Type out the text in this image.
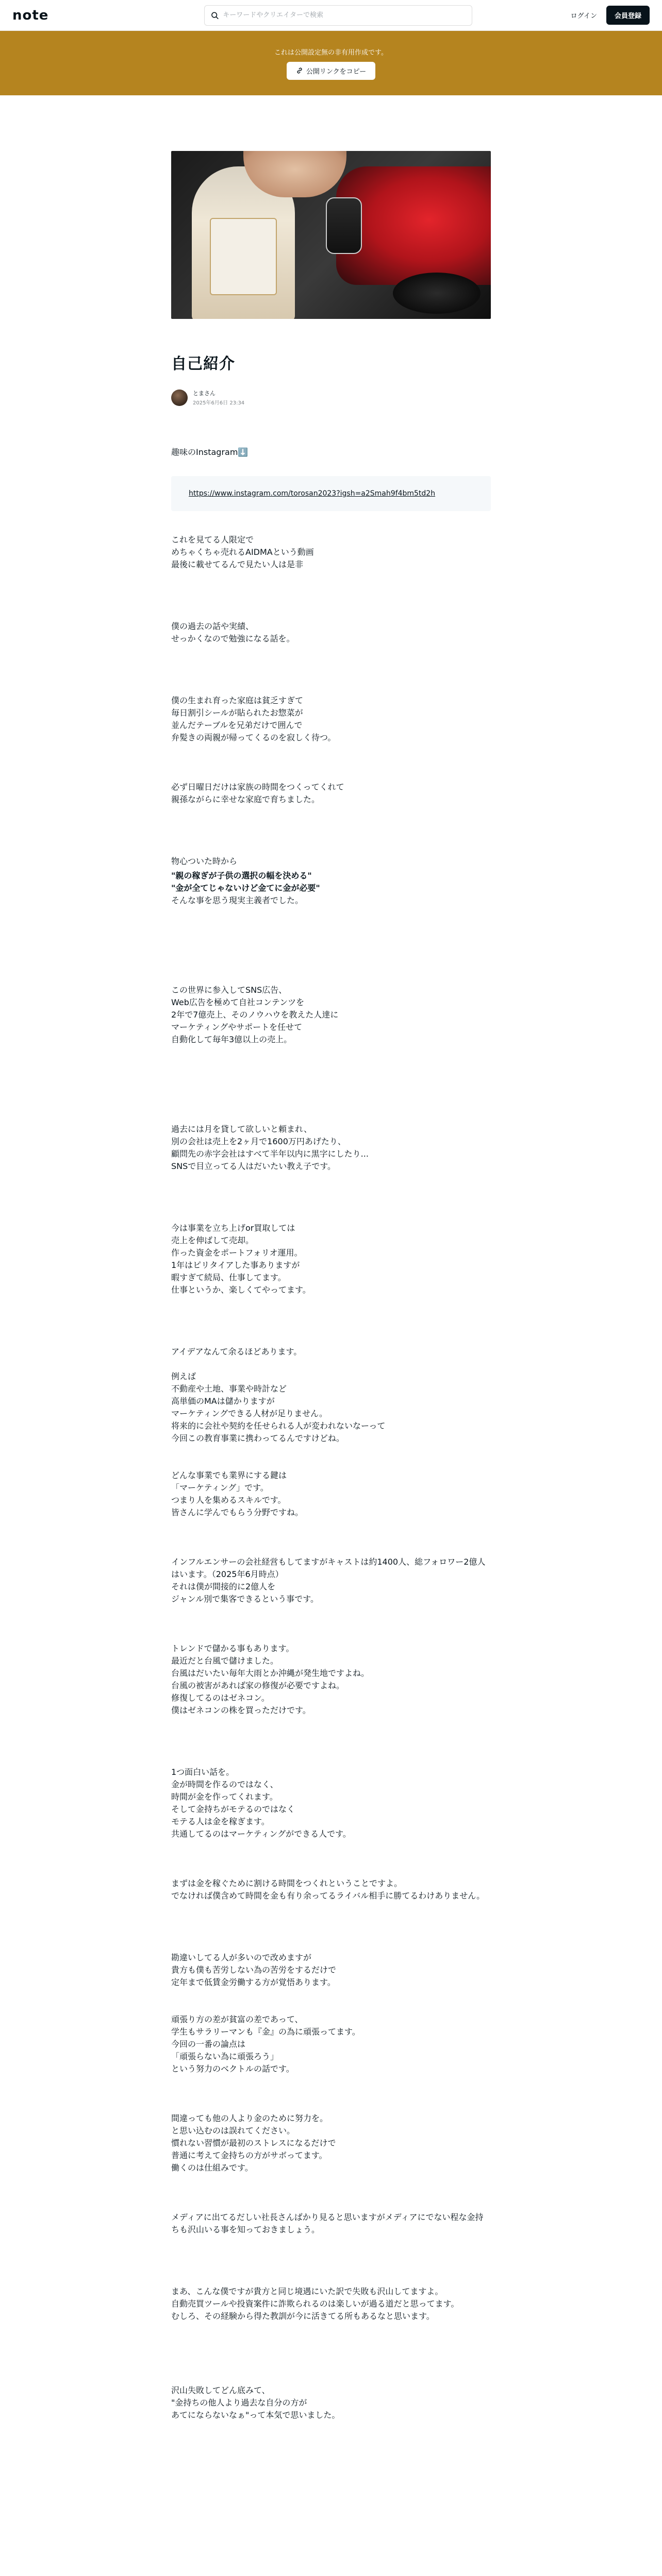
note
キーワードやクリエイターで検索	ログイン	会員登録
これは公開設定無の非有用作成です。
公開リンクをコピー
自己紹介
とまさん
2025年6月6日 23:34

趣味のInstagram⬇️

https://www.instagram.com/torosan2023?igsh=a2Smah9f4bm5td2h

これを見てる人限定で
めちゃくちゃ売れるAIDMAという動画
最後に載せてるんで見たい人は是非

僕の過去の話や実績、
せっかくなので勉強になる話を。

僕の生まれ育った家庭は貧乏すぎて
毎日割引シールが貼られたお惣菜が
並んだテーブルを兄弟だけで囲んで
弁髪きの両親が帰ってくるのを寂しく待つ。

必ず日曜日だけは家族の時間をつくってくれて
親孫ながらに幸せな家庭で育ちました。

物心ついた時から

"親の稼ぎが子供の選択の幅を決める"
"金が全てじゃないけど金てに金が必要"

そんな事を思う現実主義者でした。

この世界に参入してSNS広告、
Web広告を極めて自社コンテンツを
2年で7億売上、そのノウハウを教えた人達に
マーケティングやサポートを任せて
自動化して毎年3億以上の売上。

過去には月を貸して欲しいと頼まれ、
別の会社は売上を2ヶ月で1600万円あげたり、
顧問先の赤字会社はすべて半年以内に黒字にしたり...
SNSで目立ってる人はだいたい教え子です。

今は事業を立ち上げor買取しては
売上を伸ばして売却。
作った資金をポートフォリオ運用。
1年はピリタイアした事ありますが
暇すぎて続局、仕事してます。
仕事というか、楽しくてやってます。

アイデアなんて余るほどあります。

例えば
不動産や土地、事業や時計など
高単価のMAは儲かりますが
マーケティングできる人材が足りません。
将来的に会社や契約を任せられる人が変われないなーって
今回この教育事業に携わってるんですけどね。

どんな事業でも業界にする鍵は
「マーケティング」です。
つまり人を集めるスキルです。
皆さんに学んでもらう分野ですね。

インフルエンサーの会社経営もしてますがキャストは約1400人、総フォロワー2億人はいます。（2025年6月時点）
それは僕が間接的に2億人を
ジャンル別で集客できるという事です。

トレンドで儲かる事もあります。
最近だと台風で儲けました。
台風はだいたい毎年大雨とか沖縄が発生地ですよね。
台風の被害があれば家の修復が必要ですよね。
修復してるのはゼネコン。
僕はゼネコンの株を買っただけです。

1つ面白い話を。
金が時間を作るのではなく、
時間が金を作ってくれます。
そして金持ちがモテるのではなく
モテる人は金を稼ぎます。
共通してるのはマーケティングができる人です。

まずは金を稼ぐために割ける時間をつくれということですよ。
でなければ僕含めて時間を金も有り余ってるライバル相手に勝てるわけありません。

勘違いしてる人が多いので改めますが
貴方も僕も苦労しない為の苦労をするだけで
定年まで低賃金労働する方が覚悟あります。

頑張り方の差が貧富の差であって、
学生もサラリーマンも『金』の為に頑張ってます。
今回の一番の論点は
「頑張らない為に頑張ろう」
という努力のベクトルの話です。

間違っても他の人より金のために努力を。
と思い込むのは誤れてください。
慣れない習慣が最初のストレスになるだけで
普通に考えて金持ちの方がサボってます。
働くのは仕組みです。

メディアに出てるだしい社長さんばかり見ると思いますがメディアにでない程な金持ちも沢山いる事を知っておきましょう。

まあ、こんな僕ですが貴方と同じ境遇にいた訳で失敗も沢山してますよ。
自動売買ツールや投資案件に詐欺られるのは楽しいが過る道だと思ってます。
むしろ、その経験から得た教訓が今に活きてる所もあるなと思います。

沢山失敗してどん底みて、
"金持ちの他人より過去な自分の方が
あてにならないなぁ"って本気で思いました。
